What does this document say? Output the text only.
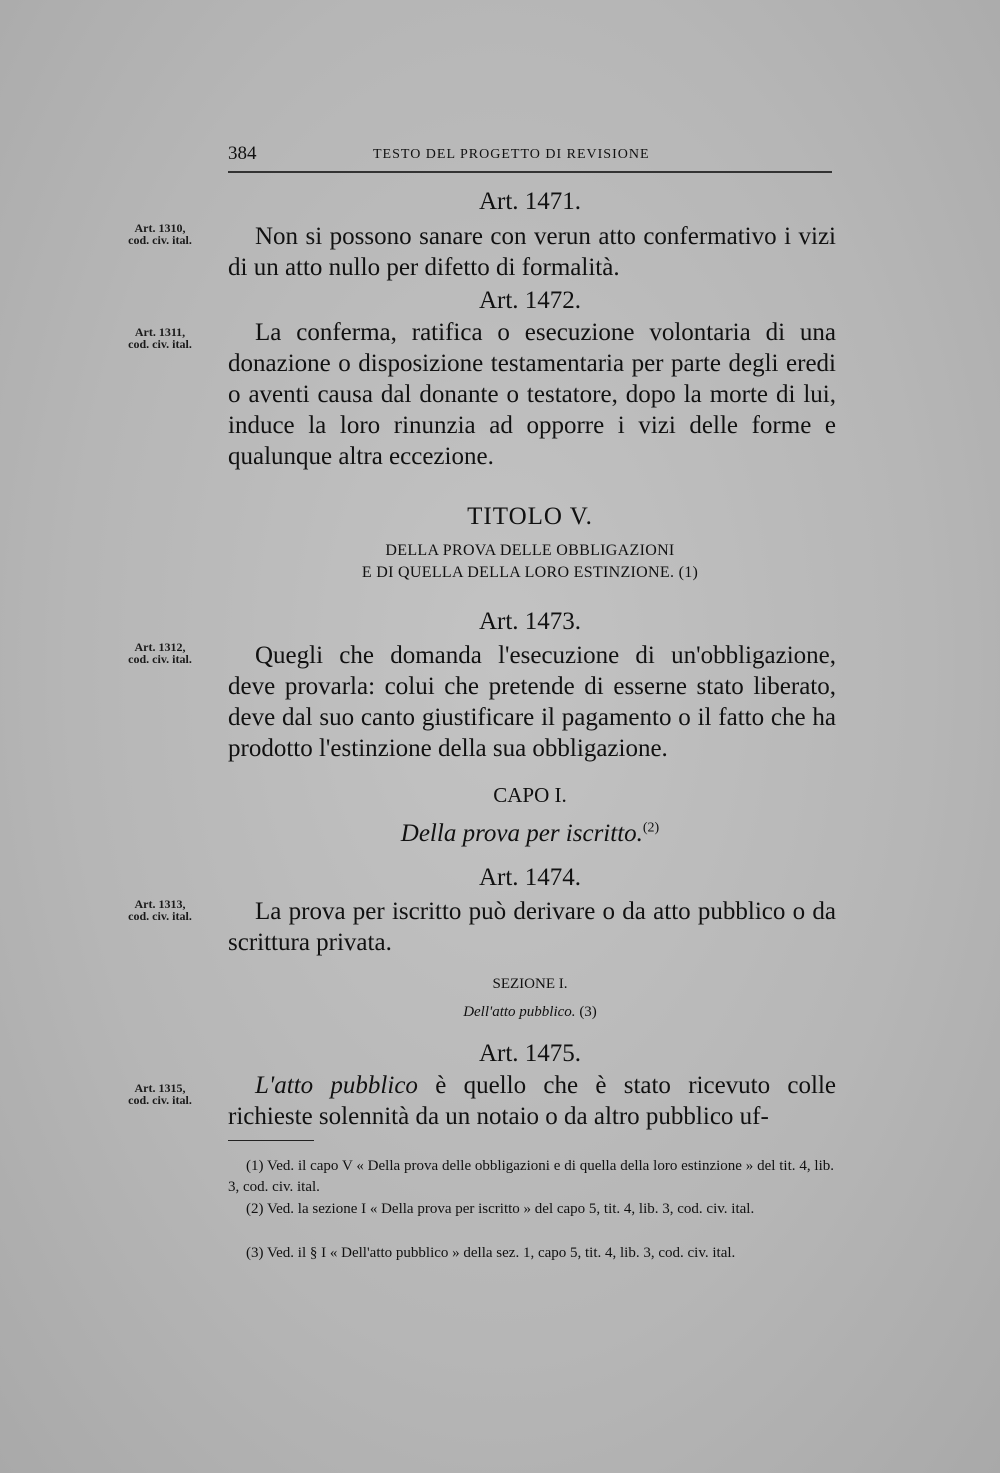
384	TESTO DEL PROGETTO DI REVISIONE
Art. 1310,
cod. civ. ital.
Art. 1311,
cod. civ. ital.
Art. 1312,
cod. civ. ital.
Art. 1313,
cod. civ. ital.
Art. 1315,
cod. civ. ital.
Art. 1471.
Non si possono sanare con verun atto confermativo i vizi di un atto nullo per difetto di formalità.
Art. 1472.
La conferma, ratifica o esecuzione volontaria di una donazione o disposizione testamentaria per parte degli eredi o aventi causa dal donante o testatore, dopo la morte di lui, induce la loro rinunzia ad opporre i vizi delle forme e qualunque altra eccezione.
TITOLO V.
DELLA PROVA DELLE OBBLIGAZIONI
E DI QUELLA DELLA LORO ESTINZIONE. (1)
Art. 1473.
Quegli che domanda l'esecuzione di un'obbligazione, deve provarla: colui che pretende di esserne stato liberato, deve dal suo canto giustificare il pagamento o il fatto che ha prodotto l'estinzione della sua obbligazione.
CAPO I.
Della prova per iscritto.$^{(2)}$
Art. 1474.
La prova per iscritto può derivare o da atto pubblico o da scrittura privata.
SEZIONE I.
Dell'atto pubblico. (3)
Art. 1475.
L'atto pubblico è quello che è stato ricevuto colle richieste solennità da un notaio o da altro pubblico uf-
(1) Ved. il capo V « Della prova delle obbligazioni e di quella della loro estinzione » del tit. 4, lib. 3, cod. civ. ital.
(2) Ved. la sezione I « Della prova per iscritto » del capo 5, tit. 4, lib. 3, cod. civ. ital.
(3) Ved. il § I « Dell'atto pubblico » della sez. 1, capo 5, tit. 4, lib. 3, cod. civ. ital.
